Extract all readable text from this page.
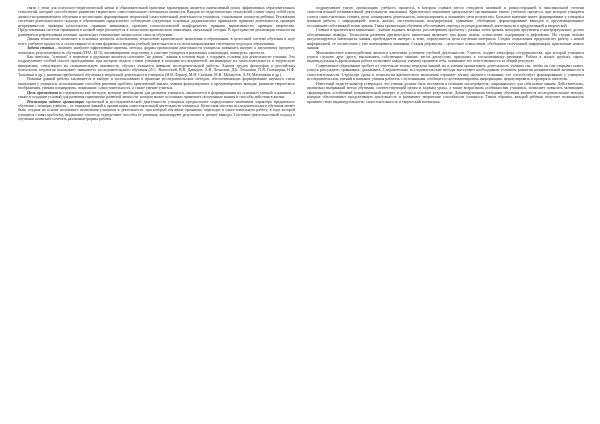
связи с этим для психолого-педагогической науки и образовательной практики характерным является интенсивный поиск эффективных образовательных технологий, которые способствуют развитию творческого самостоятельного потенциала личности. Каждая из педагогических технологий ставит перед собой цель личностно-развивающего обучения и воспитания, формирование творческой самостоятельной деятельности учащихся, становление личности ребёнка. Реализация системно-деятельностного подхода к образованию предполагает соблюдение следующих основных дидактических принципов: принцип деятельности, принцип непрерывности, принцип целостности, принцип минимакса, принцип психологической комфортности, принцип вариативности, принцип творчества. Представленная система принципов в полной мере реализуется в технологии критического мышления, актуальной сегодня. В пространстве реализации технологии развивается рефлексивная позиция, происходит становление личностного смысла обучения.

Данная технология позволяет в основных аспектах использовать технологию критического мышления в образовании, в целостной системе обучения в ходе всего учебного процесса, в согласовании со всеми формами и видами учебной деятельности и по всем направлениям системного подхода в образовании.

Задача статьи – выявить наиболее эффективные приемы, методы, формы организации деятельности учащихся, повышать интерес к изучаемому предмету, повышать результативность обучения (ГИА, ЕГЭ), активизировать подготовку к участию учащихся в различных олимпиадах, конкурсах, проектах.

Как известно, "ключом" к перемене в дидактике является сочетание "не давать" знания в готовом виде, а создавать условия для деятельности ученика. Это подразумевает особый способ преподавания, при котором педагог ставит учеников в позицию исследователей, активизирует их самостоятельность и творческую инициативу, стимулирует их познавательную активность, обучает учащихся навыкам исследовательской работы. Анализ трудов философов и российских психологов, педагогов показывает значимость исследовательского обучения (Л.С. Выготский, В.В. Давыдов, А.Н. Леонтьев, Д.Б. Эльконин, П.Я. Гальперин, Н.Ф. Талызина и др.), значение проблемного обучения в творческой деятельности учащихся (И.Я. Лернер, М.Н. Скаткин, М.И. Махмутов, А.М. Матюшкин и др.).

Новизна данной работы заключается в выборе и использовании в практике исследовательских методов, обеспечивающих формирование научного стиля мышления у учащихся: использование способов решения проблем, критический анализ, умение формулировать и аргументировать выводы; развитие творческого воображения, умения планировать, понимание, самостоятельность, а также умение учиться.

Цель применения исследовательских методов, которые необходимы для развития учащихся, заключается в формировании их основных умений и навыков, а также в создании условий для развития гармонично развитой личности, которая может осознанно применять полученные знания и способы действия в жизни.

Реализация задачи организации проектной и исследовательской деятельности учащихся предполагает определенное изменение характера предметного обучения с позиции учителя – от передачи знаний к организации самостоятельной деятельности учащихся. Целостная система исследовательского обучения может быть создана на основе поэтапного включения учащихся в деятельность, при которой обучение органично переходит в самостоятельную работу, в ходе которой учащиеся ставят проблему, выдвигают гипотезу, определяют способы её решения, анализируют результаты и делают выводы. Системно-деятельностный подход в обучении позволяет сочетать различные формы работы.

подразумевает такую организацию учебного процесса, в котором главное место отводится активной и разносторонней, в максимальной степени самостоятельной познавательной деятельности школьника. Критическое мышление предполагает организацию такого учебного процесса, при котором учащиеся учатся самостоятельно ставить цели, планировать деятельность, контролировать и оценивать свои результаты. Большое значение имеет формирование у учащихся навыков работы с информацией: поиск, анализ, систематизация, интерпретация, сравнение, обобщение, формулирование выводов и аргументированное отстаивание собственной точки зрения. Такая организация обучения обеспечивает переход от репродуктивной деятельности к продуктивной и творческой.

Главное в критическом мышлении – умение задавать вопросы, рассматривать проблему с разных точек зрения, находить аргументы и контраргументы, делать обоснованные выводы. Технология развития критического мышления включает три фазы: вызов, осмысление содержания и рефлексию. На стадии вызова актуализируются имеющиеся знания, пробуждается интерес к теме, определяются цели изучения материала. Стадия осмысления предполагает работу с новой информацией, её соотнесение с уже имеющимися знаниями. Стадия рефлексии – целостное осмысление, обобщение полученной информации, присвоение нового знания.

Межличностное взаимодействие является ключевым условием учебной деятельности. Учитель создает атмосферу сотрудничества, при которой учащиеся учатся слушать друг друга, высказывать собственное мнение, вести дискуссию, приходить к согласованному решению. Работа в малых группах, парах, индивидуальная и фронтальная работа позволяют каждому ученику проявить себя, повышают его ответственность за общий результат.

Современное образование требует от учителя не только передачи знаний, но и умения организовать деятельность ученика так, чтобы он сам открывал новое, учился рассуждать, сравнивать, доказывать. Следовательно, исследовательские методы выступают необходимым условием развития познавательной активности и самостоятельности. Структура урока в технологии критического мышления отражает логику научного познания, что способствует формированию у учащихся исследовательских умений и навыков, умения работать с источниками, обобщать и систематизировать информацию, формулировать и проверять гипотезы.

Известный педагог-новатор утверждал, что ученик должен быть поставлен в позицию исследователя, открывающего для себя новые знания. Действительно, правильно выбранный метод обучения, соответствующий целям и задачам урока, а также возрастным особенностям учащихся, позволяет повысить мотивацию, сформировать устойчивый познавательный интерес и добиться высоких результатов. Доминирующими методами обучения являются исследовательские методы, которые обеспечивают продуктивную деятельность и развивают творческие способности учащихся. Таким образом, каждый ребёнок получает возможность проявить свою индивидуальность, самостоятельность и творческий потенциал.
